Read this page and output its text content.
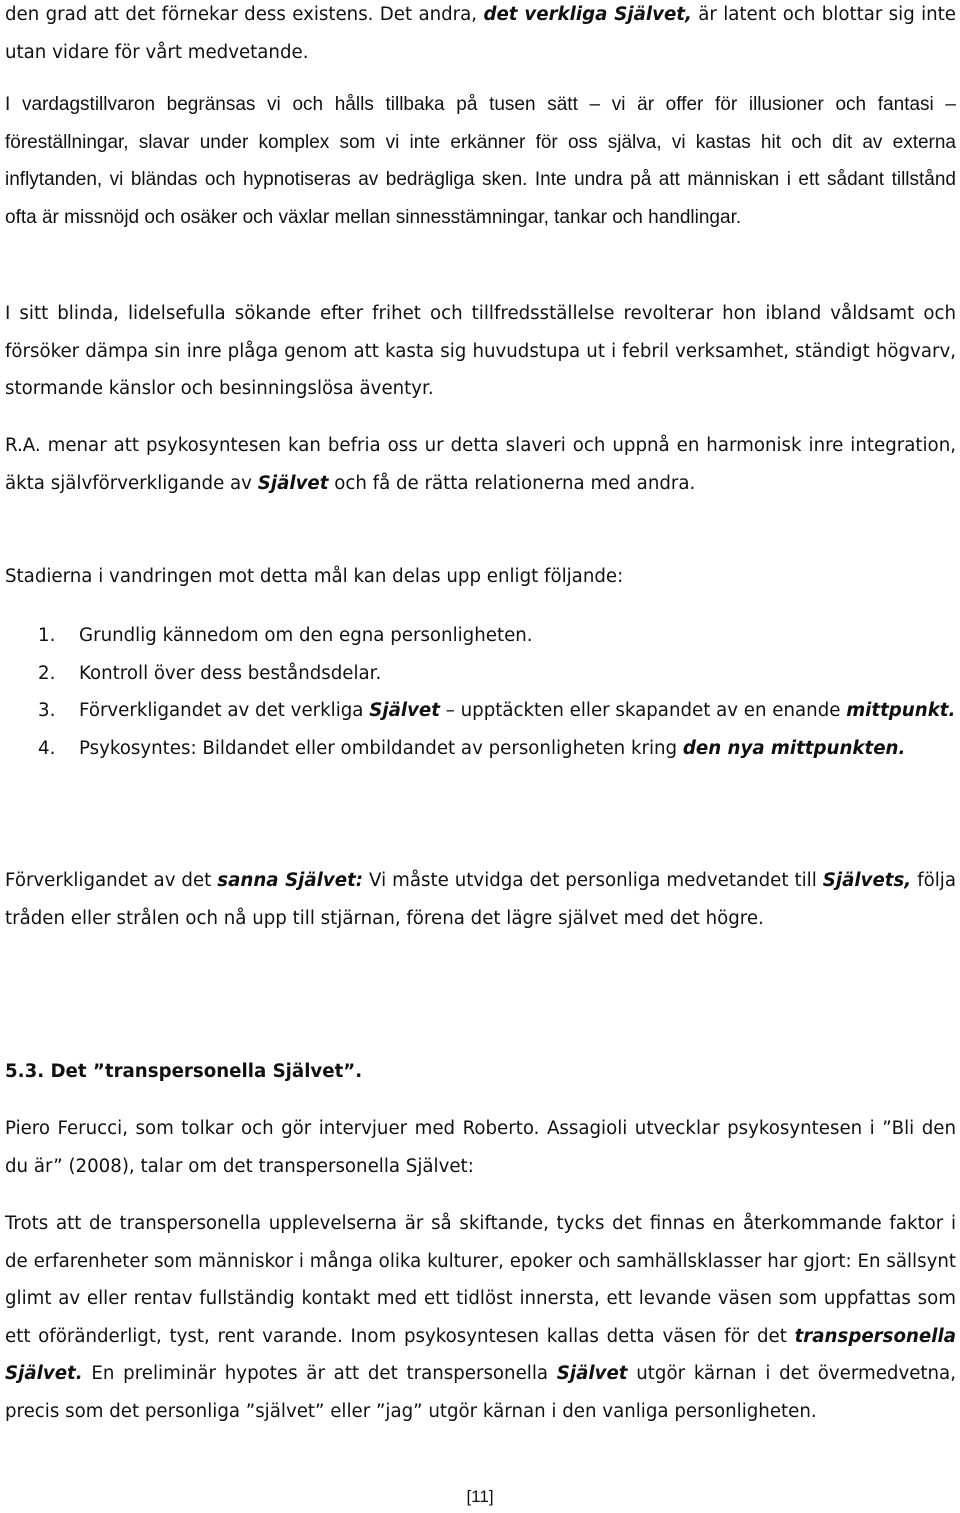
den grad att det förnekar dess existens. Det andra, det verkliga Självet, är latent och blottar sig inte utan vidare för vårt medvetande.

I vardagstillvaron begränsas vi och hålls tillbaka på tusen sätt – vi är offer för illusioner och fantasi – föreställningar, slavar under komplex som vi inte erkänner för oss själva, vi kastas hit och dit av externa inflytanden, vi bländas och hypnotiseras av bedrägliga sken. Inte undra på att människan i ett sådant tillstånd ofta är missnöjd och osäker och växlar mellan sinnesstämningar, tankar och handlingar.

I sitt blinda, lidelsefulla sökande efter frihet och tillfredsställelse revolterar hon ibland våldsamt och försöker dämpa sin inre plåga genom att kasta sig huvudstupa ut i febril verksamhet, ständigt högvarv, stormande känslor och besinningslösa äventyr.

R.A. menar att psykosyntesen kan befria oss ur detta slaveri och uppnå en harmonisk inre integration, äkta självförverkligande av Självet och få de rätta relationerna med andra.

Stadierna i vandringen mot detta mål kan delas upp enligt följande:

1.	Grundlig kännedom om den egna personligheten.
2.	Kontroll över dess beståndsdelar.
3.	Förverkligandet av det verkliga Självet – upptäckten eller skapandet av en enande mittpunkt.
4.	Psykosyntes: Bildandet eller ombildandet av personligheten kring den nya mittpunkten.

Förverkligandet av det sanna Självet: Vi måste utvidga det personliga medvetandet till Självets, följa tråden eller strålen och nå upp till stjärnan, förena det lägre självet med det högre.

5.3. Det ”transpersonella Självet”.

Piero Ferucci, som tolkar och gör intervjuer med Roberto. Assagioli utvecklar psykosyntesen i ”Bli den du är” (2008), talar om det transpersonella Självet:

Trots att de transpersonella upplevelserna är så skiftande, tycks det finnas en återkommande faktor i de erfarenheter som människor i många olika kulturer, epoker och samhällsklasser har gjort: En sällsynt glimt av eller rentav fullständig kontakt med ett tidlöst innersta, ett levande väsen som uppfattas som ett oföränderligt, tyst, rent varande. Inom psykosyntesen kallas detta väsen för det transpersonella Självet. En preliminär hypotes är att det transpersonella Självet utgör kärnan i det övermedvetna, precis som det personliga ”självet” eller ”jag” utgör kärnan i den vanliga personligheten.

[11]
